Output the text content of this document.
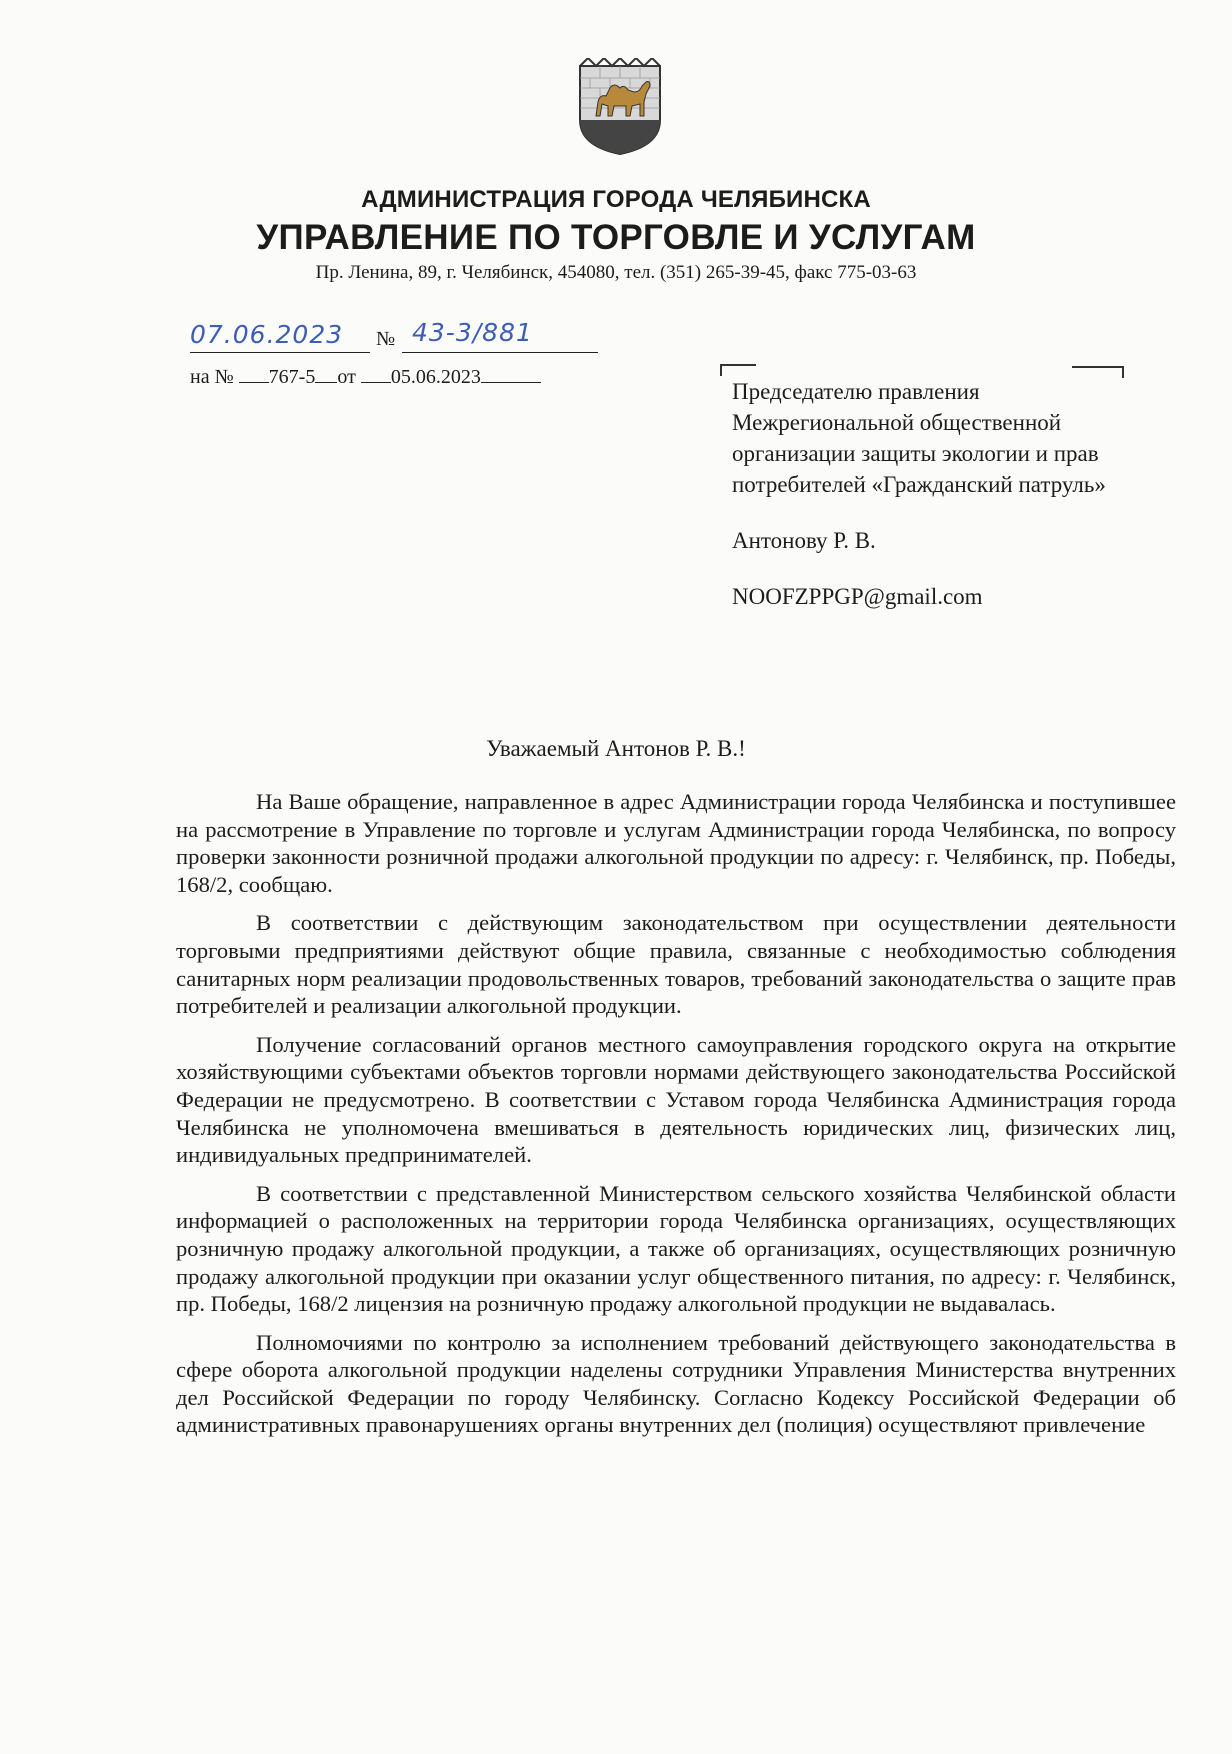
АДМИНИСТРАЦИЯ ГОРОДА ЧЕЛЯБИНСКА
УПРАВЛЕНИЕ ПО ТОРГОВЛЕ И УСЛУГАМ
Пр. Ленина, 89, г. Челябинск, 454080, тел. (351) 265-39-45, факс 775-03-63
07.06.2023 № 43-3/881
на № 767-5 от 05.06.2023
Председателю правления
Межрегиональной общественной
организации защиты экологии и прав
потребителей «Гражданский патруль»
Антонову Р. В.
NOOFZPPGP@gmail.com
Уважаемый Антонов Р. В.!

На Ваше обращение, направленное в адрес Администрации города Челябинска и поступившее на рассмотрение в Управление по торговле и услугам Администрации города Челябинска, по вопросу проверки законности розничной продажи алкогольной продукции по адресу: г. Челябинск, пр. Победы, 168/2, сообщаю.

В соответствии с действующим законодательством при осуществлении деятельности торговыми предприятиями действуют общие правила, связанные с необходимостью соблюдения санитарных норм реализации продовольственных товаров, требований законодательства о защите прав потребителей и реализации алкогольной продукции.

Получение согласований органов местного самоуправления городского округа на открытие хозяйствующими субъектами объектов торговли нормами действующего законодательства Российской Федерации не предусмотрено. В соответствии с Уставом города Челябинска Администрация города Челябинска не уполномочена вмешиваться в деятельность юридических лиц, физических лиц, индивидуальных предпринимателей.

В соответствии с представленной Министерством сельского хозяйства Челябинской области информацией о расположенных на территории города Челябинска организациях, осуществляющих розничную продажу алкогольной продукции, а также об организациях, осуществляющих розничную продажу алкогольной продукции при оказании услуг общественного питания, по адресу: г. Челябинск, пр. Победы, 168/2 лицензия на розничную продажу алкогольной продукции не выдавалась.

Полномочиями по контролю за исполнением требований действующего законодательства в сфере оборота алкогольной продукции наделены сотрудники Управления Министерства внутренних дел Российской Федерации по городу Челябинску. Согласно Кодексу Российской Федерации об административных правонарушениях органы внутренних дел (полиция) осуществляют привлечение
